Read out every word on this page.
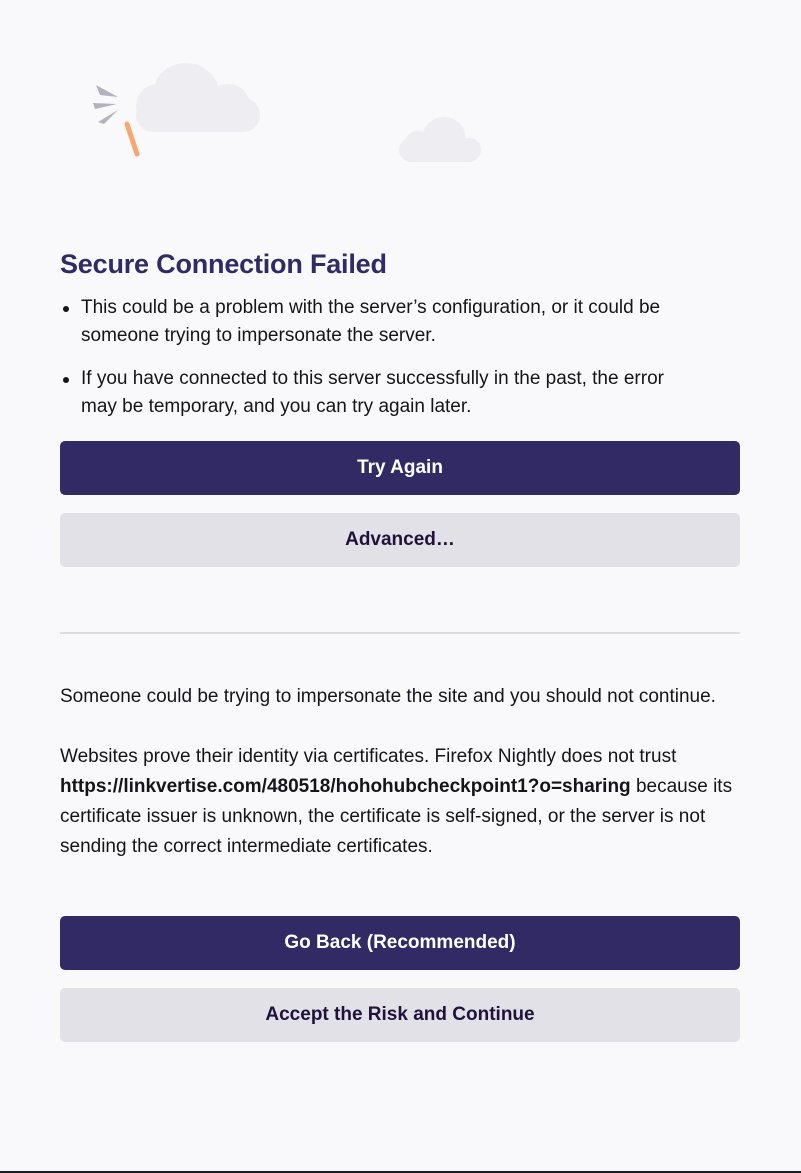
Secure Connection Failed
This could be a problem with the server’s configuration, or it could be someone trying to impersonate the server.
If you have connected to this server successfully in the past, the error may be temporary, and you can try again later.
Try Again
Advanced…

Someone could be trying to impersonate the site and you should not continue.

Websites prove their identity via certificates. Firefox Nightly does not trust https://linkvertise.com/480518/hohohubcheckpoint1?o=sharing because its certificate issuer is unknown, the certificate is self-signed, or the server is not sending the correct intermediate certificates.

Go Back (Recommended)
Accept the Risk and Continue
